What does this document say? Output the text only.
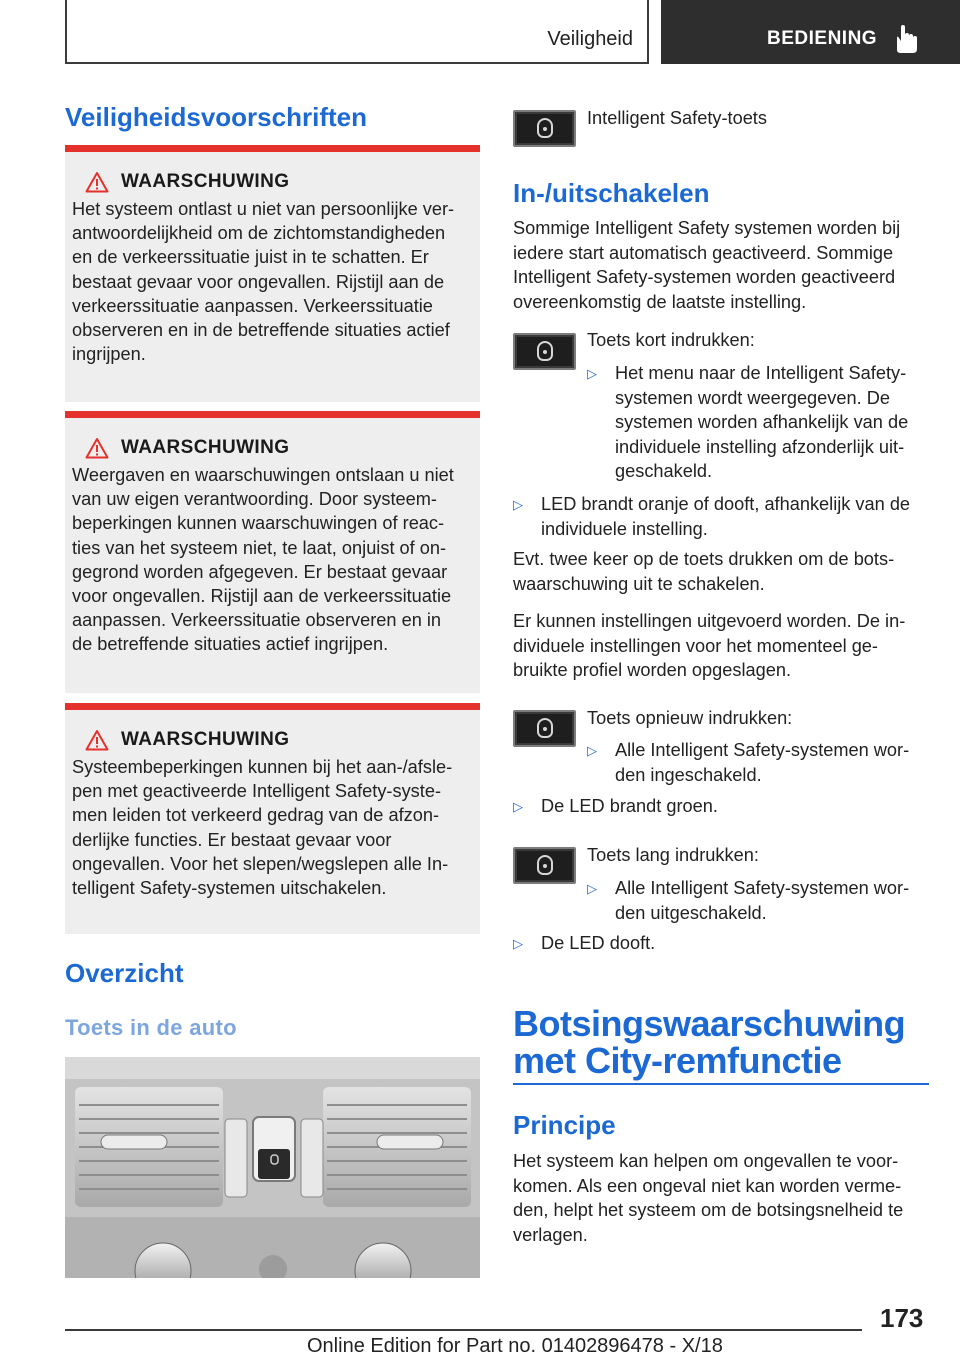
Veiligheid	BEDIENING
Veiligheidsvoorschriften
WAARSCHUWING
Het systeem ontlast u niet van persoonlijke ver-
antwoordelijkheid om de zichtomstandigheden
en de verkeerssituatie juist in te schatten. Er
bestaat gevaar voor ongevallen. Rijstijl aan de
verkeerssituatie aanpassen. Verkeerssituatie
observeren en in de betreffende situaties actief
ingrijpen.
WAARSCHUWING
Weergaven en waarschuwingen ontslaan u niet
van uw eigen verantwoording. Door systeem-
beperkingen kunnen waarschuwingen of reac-
ties van het systeem niet, te laat, onjuist of on-
gegrond worden afgegeven. Er bestaat gevaar
voor ongevallen. Rijstijl aan de verkeerssituatie
aanpassen. Verkeerssituatie observeren en in
de betreffende situaties actief ingrijpen.
WAARSCHUWING
Systeembeperkingen kunnen bij het aan-/afsle-
pen met geactiveerde Intelligent Safety-syste-
men leiden tot verkeerd gedrag van de afzon-
derlijke functies. Er bestaat gevaar voor
ongevallen. Voor het slepen/wegslepen alle In-
telligent Safety-systemen uitschakelen.
Overzicht
Toets in de auto
Intelligent Safety-toets
In-/uitschakelen
Sommige Intelligent Safety systemen worden bij
iedere start automatisch geactiveerd. Sommige
Intelligent Safety-systemen worden geactiveerd
overeenkomstig de laatste instelling.
Toets kort indrukken:
▷ Het menu naar de Intelligent Safety-
systemen wordt weergegeven. De
systemen worden afhankelijk van de
individuele instelling afzonderlijk uit-
geschakeld.
▷ LED brandt oranje of dooft, afhankelijk van de
individuele instelling.
Evt. twee keer op de toets drukken om de bots-
waarschuwing uit te schakelen.
Er kunnen instellingen uitgevoerd worden. De in-
dividuele instellingen voor het momenteel ge-
bruikte profiel worden opgeslagen.
Toets opnieuw indrukken:
▷ Alle Intelligent Safety-systemen wor-
den ingeschakeld.
▷ De LED brandt groen.
Toets lang indrukken:
▷ Alle Intelligent Safety-systemen wor-
den uitgeschakeld.
▷ De LED dooft.
Botsingswaarschuwing
met City-remfunctie
Principe
Het systeem kan helpen om ongevallen te voor-
komen. Als een ongeval niet kan worden verme-
den, helpt het systeem om de botsingsnelheid te
verlagen.
173
Online Edition for Part no. 01402896478 - X/18
